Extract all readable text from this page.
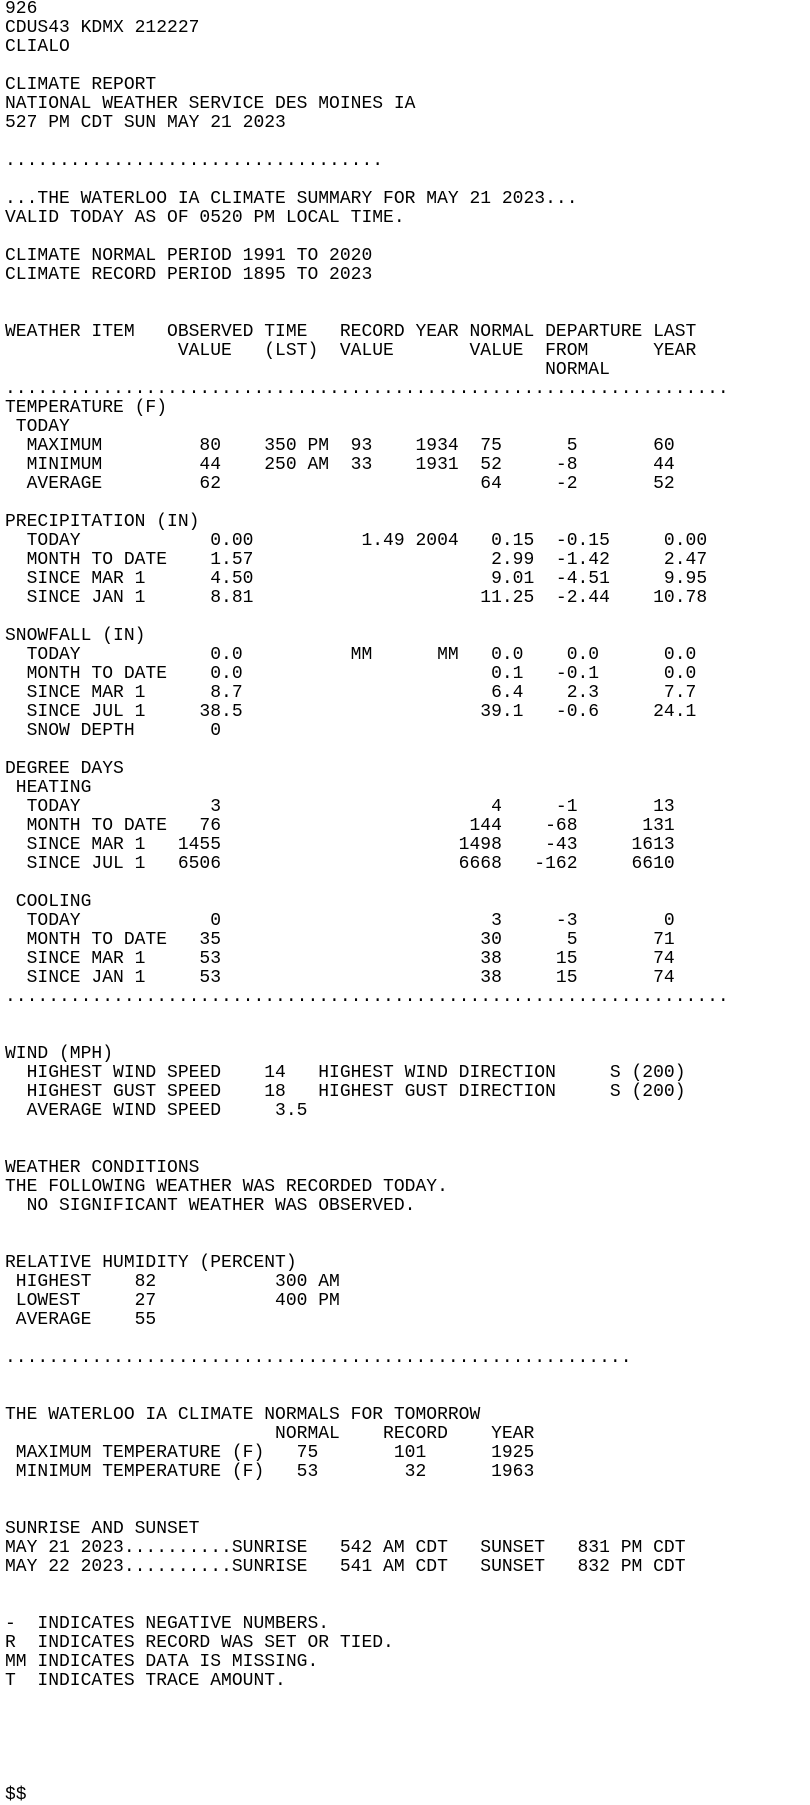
926
CDUS43 KDMX 212227
CLIALO

CLIMATE REPORT
NATIONAL WEATHER SERVICE DES MOINES IA
527 PM CDT SUN MAY 21 2023

...................................

...THE WATERLOO IA CLIMATE SUMMARY FOR MAY 21 2023...
VALID TODAY AS OF 0520 PM LOCAL TIME.

CLIMATE NORMAL PERIOD 1991 TO 2020
CLIMATE RECORD PERIOD 1895 TO 2023

WEATHER ITEM   OBSERVED TIME   RECORD YEAR NORMAL DEPARTURE LAST
VALUE   (LST)  VALUE       VALUE  FROM      YEAR
NORMAL
...................................................................
TEMPERATURE (F)
TODAY
MAXIMUM         80    350 PM  93    1934  75      5       60
MINIMUM         44    250 AM  33    1931  52     -8       44
AVERAGE         62                        64     -2       52

PRECIPITATION (IN)
TODAY            0.00          1.49 2004   0.15  -0.15     0.00
MONTH TO DATE    1.57                      2.99  -1.42     2.47
SINCE MAR 1      4.50                      9.01  -4.51     9.95
SINCE JAN 1      8.81                     11.25  -2.44    10.78

SNOWFALL (IN)
TODAY            0.0          MM      MM   0.0    0.0      0.0
MONTH TO DATE    0.0                       0.1   -0.1      0.0
SINCE MAR 1      8.7                       6.4    2.3      7.7
SINCE JUL 1     38.5                      39.1   -0.6     24.1
SNOW DEPTH       0

DEGREE DAYS
HEATING
TODAY            3                         4     -1       13
MONTH TO DATE   76                       144    -68      131
SINCE MAR 1   1455                      1498    -43     1613
SINCE JUL 1   6506                      6668   -162     6610

COOLING
TODAY            0                         3     -3        0
MONTH TO DATE   35                        30      5       71
SINCE MAR 1     53                        38     15       74
SINCE JAN 1     53                        38     15       74
...................................................................

WIND (MPH)
HIGHEST WIND SPEED    14   HIGHEST WIND DIRECTION     S (200)
HIGHEST GUST SPEED    18   HIGHEST GUST DIRECTION     S (200)
AVERAGE WIND SPEED     3.5

WEATHER CONDITIONS
THE FOLLOWING WEATHER WAS RECORDED TODAY.
NO SIGNIFICANT WEATHER WAS OBSERVED.

RELATIVE HUMIDITY (PERCENT)
HIGHEST    82           300 AM
LOWEST     27           400 PM
AVERAGE    55

..........................................................

THE WATERLOO IA CLIMATE NORMALS FOR TOMORROW
NORMAL    RECORD    YEAR
MAXIMUM TEMPERATURE (F)   75       101      1925
MINIMUM TEMPERATURE (F)   53        32      1963

SUNRISE AND SUNSET
MAY 21 2023..........SUNRISE   542 AM CDT   SUNSET   831 PM CDT
MAY 22 2023..........SUNRISE   541 AM CDT   SUNSET   832 PM CDT

-  INDICATES NEGATIVE NUMBERS.
R  INDICATES RECORD WAS SET OR TIED.
MM INDICATES DATA IS MISSING.
T  INDICATES TRACE AMOUNT.

$$
